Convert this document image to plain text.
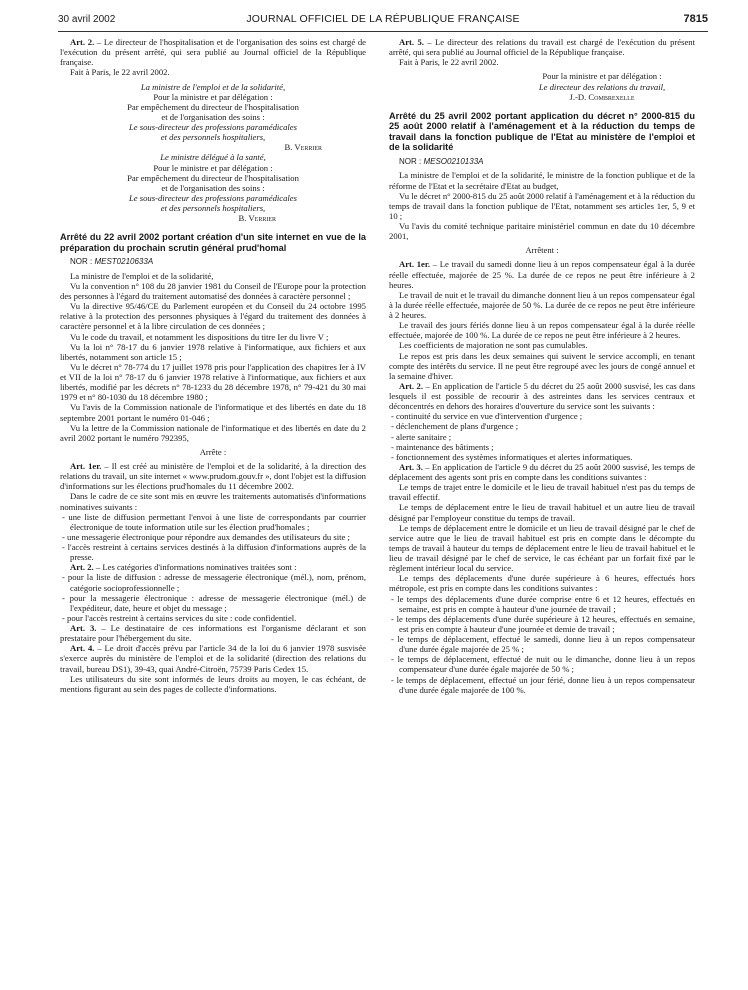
30 avril 2002	JOURNAL OFFICIEL DE LA RÉPUBLIQUE FRANÇAISE	7815

Art. 2. – Le directeur de l'hospitalisation et de l'organisation des soins est chargé de l'exécution du présent arrêté, qui sera publié au Journal officiel de la République française.

Fait à Paris, le 22 avril 2002.

La ministre de l'emploi et de la solidarité,

Pour la ministre et par délégation :

Par empêchement du directeur de l'hospitalisation

et de l'organisation des soins :

Le sous-directeur des professions paramédicales

et des personnels hospitaliers,

B. Verrier

Le ministre délégué à la santé,

Pour le ministre et par délégation :

Par empêchement du directeur de l'hospitalisation

et de l'organisation des soins :

Le sous-directeur des professions paramédicales

et des personnels hospitaliers,

B. Verrier

Arrêté du 22 avril 2002 portant création d'un site internet en vue de la préparation du prochain scrutin général prud'homal

NOR : MESТ0210633A

La ministre de l'emploi et de la solidarité,

Vu la convention n° 108 du 28 janvier 1981 du Conseil de l'Europe pour la protection des personnes à l'égard du traitement automatisé des données à caractère personnel ;

Vu la directive 95/46/CE du Parlement européen et du Conseil du 24 octobre 1995 relative à la protection des personnes physiques à l'égard du traitement des données à caractère personnel et à la libre circulation de ces données ;

Vu le code du travail, et notamment les dispositions du titre Ier du livre V ;

Vu la loi n° 78-17 du 6 janvier 1978 relative à l'informatique, aux fichiers et aux libertés, notamment son article 15 ;

Vu le décret n° 78-774 du 17 juillet 1978 pris pour l'application des chapitres Ier à IV et VII de la loi n° 78-17 du 6 janvier 1978 relative à l'informatique, aux fichiers et aux libertés, modifié par les décrets n° 78-1233 du 28 décembre 1978, n° 79-421 du 30 mai 1979 et n° 80-1030 du 18 décembre 1980 ;

Vu l'avis de la Commission nationale de l'informatique et des libertés en date du 18 septembre 2001 portant le numéro 01-046 ;

Vu la lettre de la Commission nationale de l'informatique et des libertés en date du 2 avril 2002 portant le numéro 792395,

Arrête :

Art. 1er. – Il est créé au ministère de l'emploi et de la solidarité, à la direction des relations du travail, un site internet « www.prudom.gouv.fr », dont l'objet est la diffusion d'informations sur les élections prud'homales du 11 décembre 2002.

Dans le cadre de ce site sont mis en œuvre les traitements automatisés d'informations nominatives suivants :

- une liste de diffusion permettant l'envoi à une liste de correspondants par courrier électronique de toute information utile sur les élection prud'homales ;

- une messagerie électronique pour répondre aux demandes des utilisateurs du site ;

- l'accès restreint à certains services destinés à la diffusion d'informations auprès de la presse.

Art. 2. – Les catégories d'informations nominatives traitées sont :

- pour la liste de diffusion : adresse de messagerie électronique (mél.), nom, prénom, catégorie socioprofessionnelle ;

- pour la messagerie électronique : adresse de messagerie électronique (mél.) de l'expéditeur, date, heure et objet du message ;

- pour l'accès restreint à certains services du site : code confidentiel.

Art. 3. – Le destinataire de ces informations est l'organisme déclarant et son prestataire pour l'hébergement du site.

Art. 4. – Le droit d'accès prévu par l'article 34 de la loi du 6 janvier 1978 susvisée s'exerce auprès du ministère de l'emploi et de la solidarité (direction des relations du travail, bureau DS1), 39-43, quai André-Citroën, 75739 Paris Cedex 15.

Les utilisateurs du site sont informés de leurs droits au moyen, le cas échéant, de mentions figurant au sein des pages de collecte d'informations.

Art. 5. – Le directeur des relations du travail est chargé de l'exécution du présent arrêté, qui sera publié au Journal officiel de la République française.

Fait à Paris, le 22 avril 2002.

Pour la ministre et par délégation :

Le directeur des relations du travail,

J.-D. Combrexelle

Arrêté du 25 avril 2002 portant application du décret n° 2000-815 du 25 août 2000 relatif à l'aménagement et à la réduction du temps de travail dans la fonction publique de l'Etat au ministère de l'emploi et de la solidarité

NOR : MESO0210133A

La ministre de l'emploi et de la solidarité, le ministre de la fonction publique et de la réforme de l'Etat et la secrétaire d'Etat au budget,

Vu le décret n° 2000-815 du 25 août 2000 relatif à l'aménagement et à la réduction du temps de travail dans la fonction publique de l'Etat, notamment ses articles 1er, 5, 9 et 10 ;

Vu l'avis du comité technique paritaire ministériel commun en date du 10 décembre 2001,

Arrêtent :

Art. 1er. – Le travail du samedi donne lieu à un repos compensateur égal à la durée réelle effectuée, majorée de 25 %. La durée de ce repos ne peut être inférieure à 2 heures.

Le travail de nuit et le travail du dimanche donnent lieu à un repos compensateur égal à la durée réelle effectuée, majorée de 50 %. La durée de ce repos ne peut être inférieure à 2 heures.

Le travail des jours fériés donne lieu à un repos compensateur égal à la durée réelle effectuée, majorée de 100 %. La durée de ce repos ne peut être inférieure à 2 heures.

Les coefficients de majoration ne sont pas cumulables.

Le repos est pris dans les deux semaines qui suivent le service accompli, en tenant compte des intérêts du service. Il ne peut être regroupé avec les jours de congé annuel et la semaine d'hiver.

Art. 2. – En application de l'article 5 du décret du 25 août 2000 susvisé, les cas dans lesquels il est possible de recourir à des astreintes dans les services centraux et déconcentrés en dehors des horaires d'ouverture du service sont les suivants :

- continuité du service en vue d'intervention d'urgence ;

- déclenchement de plans d'urgence ;

- alerte sanitaire ;

- maintenance des bâtiments ;

- fonctionnement des systèmes informatiques et alertes informatiques.

Art. 3. – En application de l'article 9 du décret du 25 août 2000 susvisé, les temps de déplacement des agents sont pris en compte dans les conditions suivantes :

Le temps de trajet entre le domicile et le lieu de travail habituel n'est pas du temps de travail effectif.

Le temps de déplacement entre le lieu de travail habituel et un autre lieu de travail désigné par l'employeur constitue du temps de travail.

Le temps de déplacement entre le domicile et un lieu de travail désigné par le chef de service autre que le lieu de travail habituel est pris en compte dans le décompte du temps de travail à hauteur du temps de déplacement entre le lieu de travail habituel et le lieu de travail désigné par le chef de service, le cas échéant par un forfait fixé par le règlement intérieur local du service.

Le temps des déplacements d'une durée supérieure à 6 heures, effectués hors métropole, est pris en compte dans les conditions suivantes :

- le temps des déplacements d'une durée comprise entre 6 et 12 heures, effectués en semaine, est pris en compte à hauteur d'une journée de travail ;

- le temps des déplacements d'une durée supérieure à 12 heures, effectués en semaine, est pris en compte à hauteur d'une journée et demie de travail ;

- le temps de déplacement, effectué le samedi, donne lieu à un repos compensateur d'une durée égale majorée de 25 % ;

- le temps de déplacement, effectué de nuit ou le dimanche, donne lieu à un repos compensateur d'une durée égale majorée de 50 % ;

- le temps de déplacement, effectué un jour férié, donne lieu à un repos compensateur d'une durée égale majorée de 100 %.
